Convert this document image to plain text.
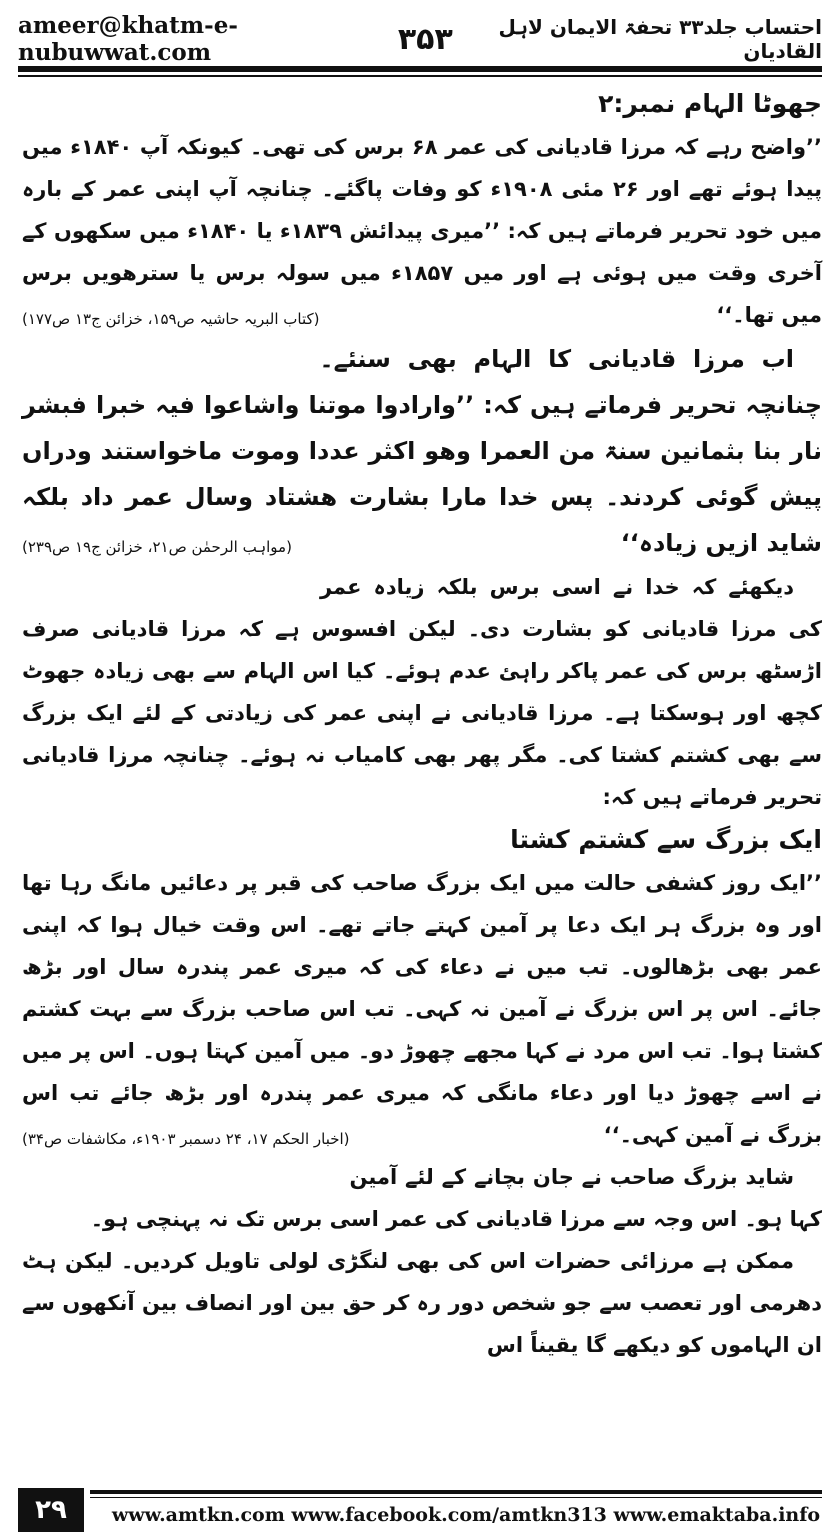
ameer@khatm-e-nubuwwat.com	۳۵۳	احتساب جلد۳۳ تحفۃ الایمان لاہل القادیان

جھوٹا الہام نمبر:۲

’’واضح رہے کہ مرزا قادیانی کی عمر ۶۸ برس کی تھی۔ کیونکہ آپ ۱۸۴۰ء میں پیدا ہوئے تھے اور ۲۶ مئی ۱۹۰۸ء کو وفات پاگئے۔ چنانچہ آپ اپنی عمر کے بارہ میں خود تحریر فرماتے ہیں کہ: ’’میری پیدائش ۱۸۳۹ء یا ۱۸۴۰ء میں سکھوں کے آخری وقت میں ہوئی ہے اور میں ۱۸۵۷ء میں سولہ برس یا سترھویں برس میں تھا۔‘‘
(کتاب البریہ حاشیہ ص۱۵۹، خزائن ج۱۳ ص۱۷۷)

اب مرزا قادیانی کا الہام بھی سنئے۔ چنانچہ تحریر فرماتے ہیں کہ: ’’وارادوا موتنا واشاعوا فیہ خبرا فبشر نار بنا بثمانین سنۃ من العمرا وھو اکثر عددا وموت ماخواستند ودراں پیش گوئی کردند۔ پس خدا مارا بشارت ھشتاد وسال عمر داد بلکہ شاید ازیں زیادہ‘‘
(مواہب الرحمٰن ص۲۱، خزائن ج۱۹ ص۲۳۹)

دیکھئے کہ خدا نے اسی برس بلکہ زیادہ عمر کی مرزا قادیانی کو بشارت دی۔ لیکن افسوس ہے کہ مرزا قادیانی صرف اڑسٹھ برس کی عمر پاکر راہئ عدم ہوئے۔ کیا اس الہام سے بھی زیادہ جھوٹ کچھ اور ہوسکتا ہے۔ مرزا قادیانی نے اپنی عمر کی زیادتی کے لئے ایک بزرگ سے بھی کشتم کشتا کی۔ مگر پھر بھی کامیاب نہ ہوئے۔ چنانچہ مرزا قادیانی تحریر فرماتے ہیں کہ:

ایک بزرگ سے کشتم کشتا

’’ایک روز کشفی حالت میں ایک بزرگ صاحب کی قبر پر دعائیں مانگ رہا تھا اور وہ بزرگ ہر ایک دعا پر آمین کہتے جاتے تھے۔ اس وقت خیال ہوا کہ اپنی عمر بھی بڑھالوں۔ تب میں نے دعاء کی کہ میری عمر پندرہ سال اور بڑھ جائے۔ اس پر اس بزرگ نے آمین نہ کہی۔ تب اس صاحب بزرگ سے بہت کشتم کشتا ہوا۔ تب اس مرد نے کہا مجھے چھوڑ دو۔ میں آمین کہتا ہوں۔ اس پر میں نے اسے چھوڑ دیا اور دعاء مانگی کہ میری عمر پندرہ اور بڑھ جائے تب اس بزرگ نے آمین کہی۔‘‘
(اخبار الحکم ۱۷، ۲۴ دسمبر ۱۹۰۳ء، مکاشفات ص۳۴)

شاید بزرگ صاحب نے جان بچانے کے لئے آمین کہا ہو۔ اس وجہ سے مرزا قادیانی کی عمر اسی برس تک نہ پہنچی ہو۔

ممکن ہے مرزائی حضرات اس کی بھی لنگڑی لولی تاویل کردیں۔ لیکن ہٹ دھرمی اور تعصب سے جو شخص دور رہ کر حق بین اور انصاف بین آنکھوں سے ان الہاموں کو دیکھے گا یقیناً اس

۲۹	www.amtkn.com www.facebook.com/amtkn313 www.emaktaba.info
